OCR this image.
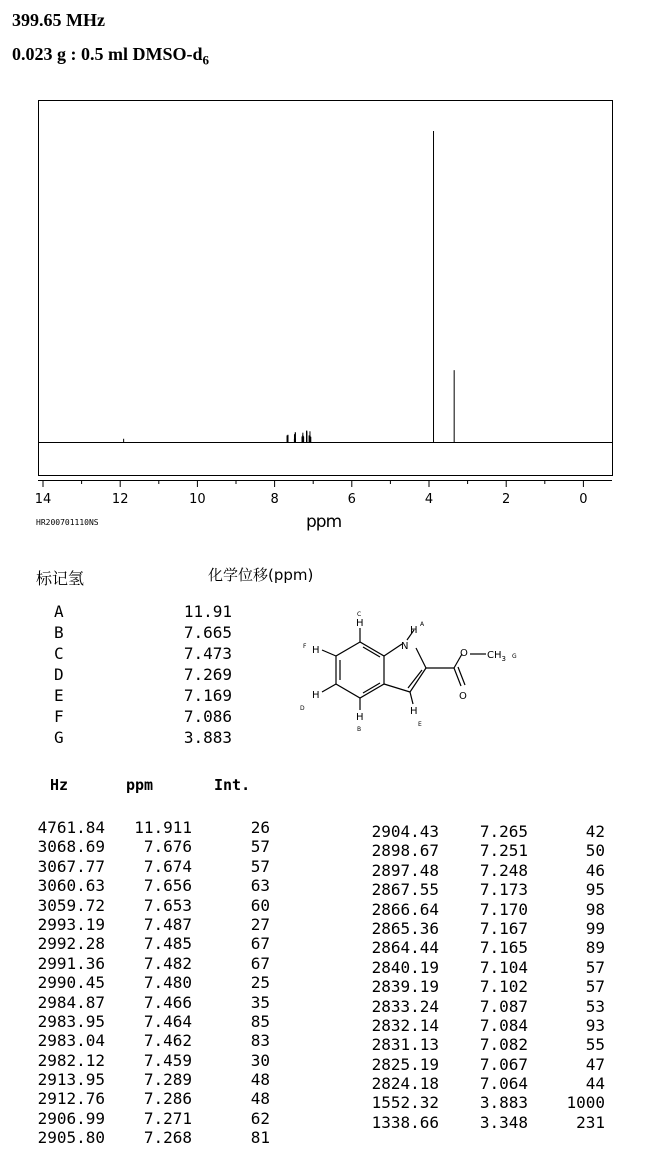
399.65 MHz
0.023 g : 0.5 ml DMSO-$d_6$
14	12	10	8	6	4	2	0
HR200701110NS	ppm
标记氢	化学位移(ppm)
A	11.91
B	7.665
C	7.473
D	7.269
E	7.169
F	7.086
G	3.883
N
H
A
H
C
H
F
H
D
H
B
H
E
O
O
$CH_3$ G
Hz	ppm	Int.
4761.84	11.911	26
3068.69	7.676	57
3067.77	7.674	57
3060.63	7.656	63
3059.72	7.653	60
2993.19	7.487	27
2992.28	7.485	67
2991.36	7.482	67
2990.45	7.480	25
2984.87	7.466	35
2983.95	7.464	85
2983.04	7.462	83
2982.12	7.459	30
2913.95	7.289	48
2912.76	7.286	48
2906.99	7.271	62
2905.80	7.268	81
2904.43	7.265	42
2898.67	7.251	50
2897.48	7.248	46
2867.55	7.173	95
2866.64	7.170	98
2865.36	7.167	99
2864.44	7.165	89
2840.19	7.104	57
2839.19	7.102	57
2833.24	7.087	53
2832.14	7.084	93
2831.13	7.082	55
2825.19	7.067	47
2824.18	7.064	44
1552.32	3.883	1000
1338.66	3.348	231
